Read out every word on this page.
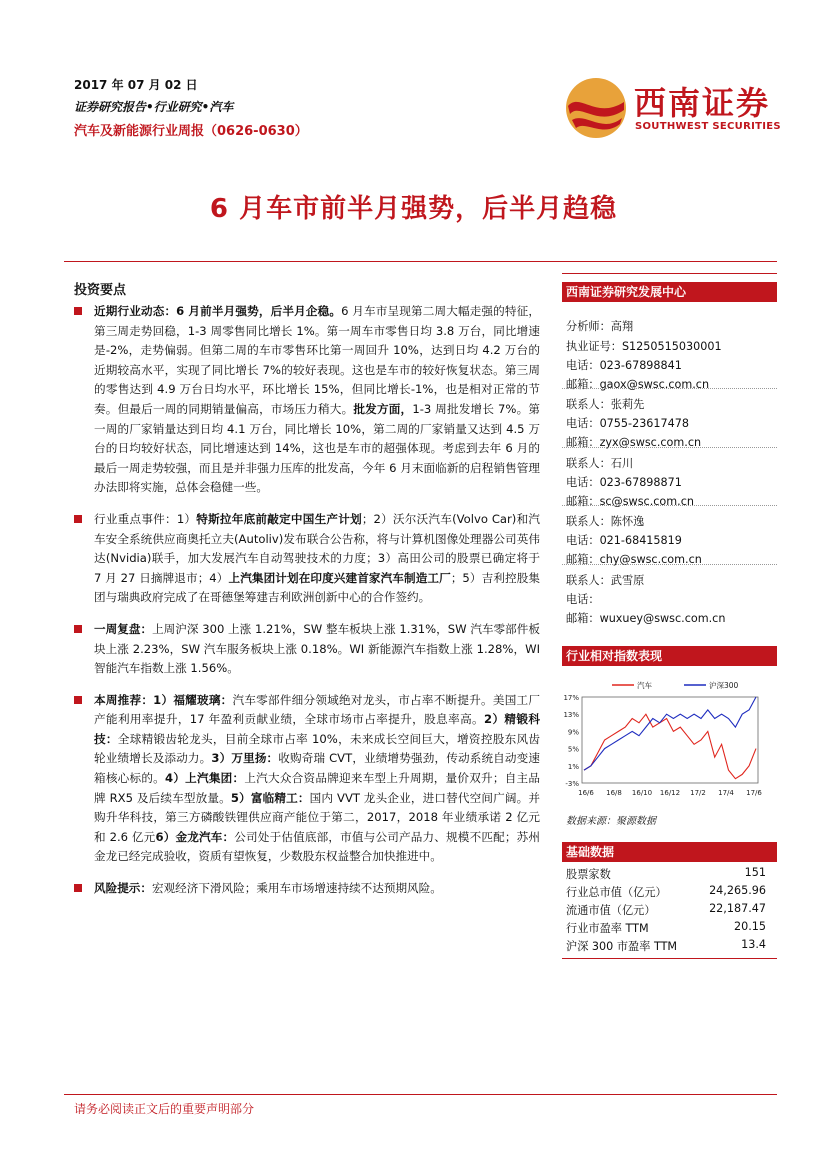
2017 年 07 月 02 日
证券研究报告•行业研究•汽车
汽车及新能源行业周报（0626-0630）
西南证券
SOUTHWEST SECURITIES
6 月车市前半月强势，后半月趋稳
投资要点

近期行业动态：6 月前半月强势，后半月企稳。6 月车市呈现第二周大幅走强的特征，第三周走势回稳，1-3 周零售同比增长 1%。第一周车市零售日均 3.8 万台，同比增速是-2%，走势偏弱。但第二周的车市零售环比第一周回升 10%，达到日均 4.2 万台的近期较高水平，实现了同比增长 7%的较好表现。这也是车市的较好恢复状态。第三周的零售达到 4.9 万台日均水平，环比增长 15%，但同比增长-1%，也是相对正常的节奏。但最后一周的同期销量偏高，市场压力稍大。批发方面，1-3 周批发增长 7%。第一周的厂家销量达到日均 4.1 万台，同比增长 10%，第二周的厂家销量又达到 4.5 万台的日均较好状态，同比增速达到 14%，这也是车市的超强体现。考虑到去年 6 月的最后一周走势较强，而且是并非强力压库的批发高，今年 6 月末面临新的启程销售管理办法即将实施，总体会稳健一些。

行业重点事件：1）特斯拉年底前敲定中国生产计划；2）沃尔沃汽车(Volvo Car)和汽车安全系统供应商奥托立夫(Autoliv)发布联合公告称，将与计算机图像处理器公司英伟达(Nvidia)联手，加大发展汽车自动驾驶技术的力度；3）高田公司的股票已确定将于 7 月 27 日摘牌退市；4）上汽集团计划在印度兴建首家汽车制造工厂；5）吉利控股集团与瑞典政府完成了在哥德堡筹建吉利欧洲创新中心的合作签约。

一周复盘：上周沪深 300 上涨 1.21%，SW 整车板块上涨 1.31%，SW 汽车零部件板块上涨 2.23%，SW 汽车服务板块上涨 0.18%。WI 新能源汽车指数上涨 1.28%，WI 智能汽车指数上涨 1.56%。

本周推荐：1）福耀玻璃：汽车零部件细分领域绝对龙头，市占率不断提升。美国工厂产能利用率提升，17 年盈利贡献业绩，全球市场市占率提升，股息率高。2）精锻科技：全球精锻齿轮龙头，目前全球市占率 10%，未来成长空间巨大，增资控股东风齿轮业绩增长及添动力。3）万里扬：收购奇瑞 CVT，业绩增势强劲，传动系统自动变速箱核心标的。4）上汽集团：上汽大众合资品牌迎来车型上升周期，量价双升；自主品牌 RX5 及后续车型放量。5）富临精工：国内 VVT 龙头企业，进口替代空间广阔。并购升华科技，第三方磷酸铁锂供应商产能位于第二，2017，2018 年业绩承诺 2 亿元和 2.6 亿元6）金龙汽车：公司处于估值底部，市值与公司产品力、规模不匹配；苏州金龙已经完成验收，资质有望恢复，少数股东权益整合加快推进中。

风险提示：宏观经济下滑风险；乘用车市场增速持续不达预期风险。

西南证券研究发展中心
分析师：高翔
执业证号：S1250515030001
电话：023-67898841
邮箱：gaox@swsc.com.cn
联系人：张莉先
电话：0755-23617478
邮箱：zyx@swsc.com.cn
联系人：石川
电话：023-67898871
邮箱：sc@swsc.com.cn
联系人：陈怀逸
电话：021-68415819
邮箱：chy@swsc.com.cn
联系人：武雪原
电话：
邮箱：wuxuey@swsc.com.cn
行业相对指数表现
17%
13%
9%
5%
1%
-3%
16/6 16/8 16/10 16/12 17/2 17/4 17/6
汽车	沪深300
数据来源：聚源数据
基础数据
股票家数	151
行业总市值（亿元）	24,265.96
流通市值（亿元）	22,187.47
行业市盈率 TTM	20.15
沪深 300 市盈率 TTM	13.4
请务必阅读正文后的重要声明部分
